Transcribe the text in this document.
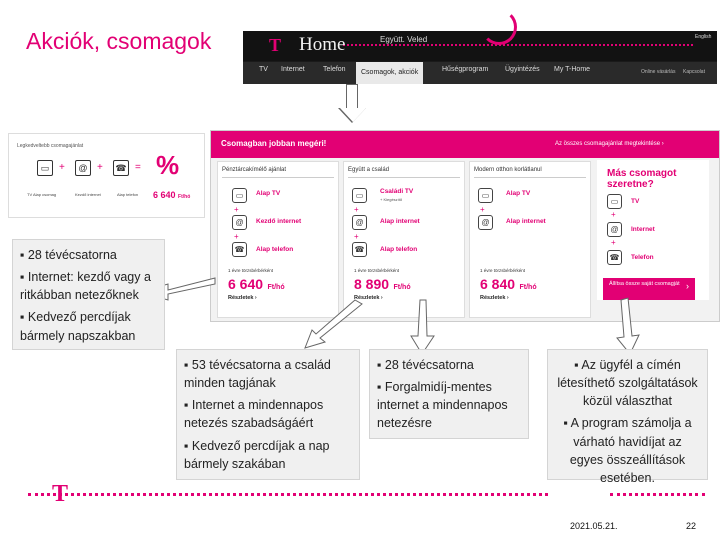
Akciók, csomagok	T Home	Együtt. Veled	English
TV Internet	Telefon	Csomagok, akciók	Hűségprogram Ügyintézés My T-Home	Online vásárlás Kapcsolat
Legkedveltebb csomagajánlat
▭ +	@ + ☎ = %
TV Alap csomag	Kezdő internet	Alap telefon 6 640 Ft/hó
Csomagban jobban megéri!	Az összes csomagajánlat megtekintése ›
Pénztárcakímélő ajánlat
▭	Alap TV
+
@	Kezdő internet
+
☎	Alap telefon
1 évre törzsbérbérként
6 640 Ft/hó
Részletek ›
Együtt a család
▭	Családi TV
+ Kiegészítő
+
@	Alap internet
+
☎	Alap telefon
1 évre törzsbérbérként
8 890 Ft/hó
Részletek ›
Modern otthon korlátlanul
▭	Alap TV
+
@	Alap internet
1 évre törzsbérbérként
6 840 Ft/hó
Részletek ›
Más csomagot szeretne?
▭	TV
+
@	Internet
+
☎	Telefon
Állítsa össze saját csomagját ›

▪ 28 tévécsatorna

▪ Internet: kezdő vagy a ritkábban netezőknek

▪ Kedvező percdíjak bármely napszakban

▪ 53 tévécsatorna a család minden tagjának

▪ Internet a mindennapos netezés szabadságáért

▪ Kedvező percdíjak a nap bármely szakában

▪ 28 tévécsatorna

▪ Forgalmidíj-mentes internet a mindennapos netezésre

▪ Az ügyfél a címén létesíthető szolgáltatások közül választhat

▪ A program számolja a várható havidíjat az egyes összeállítások esetében.

T
2021.05.21.	22
